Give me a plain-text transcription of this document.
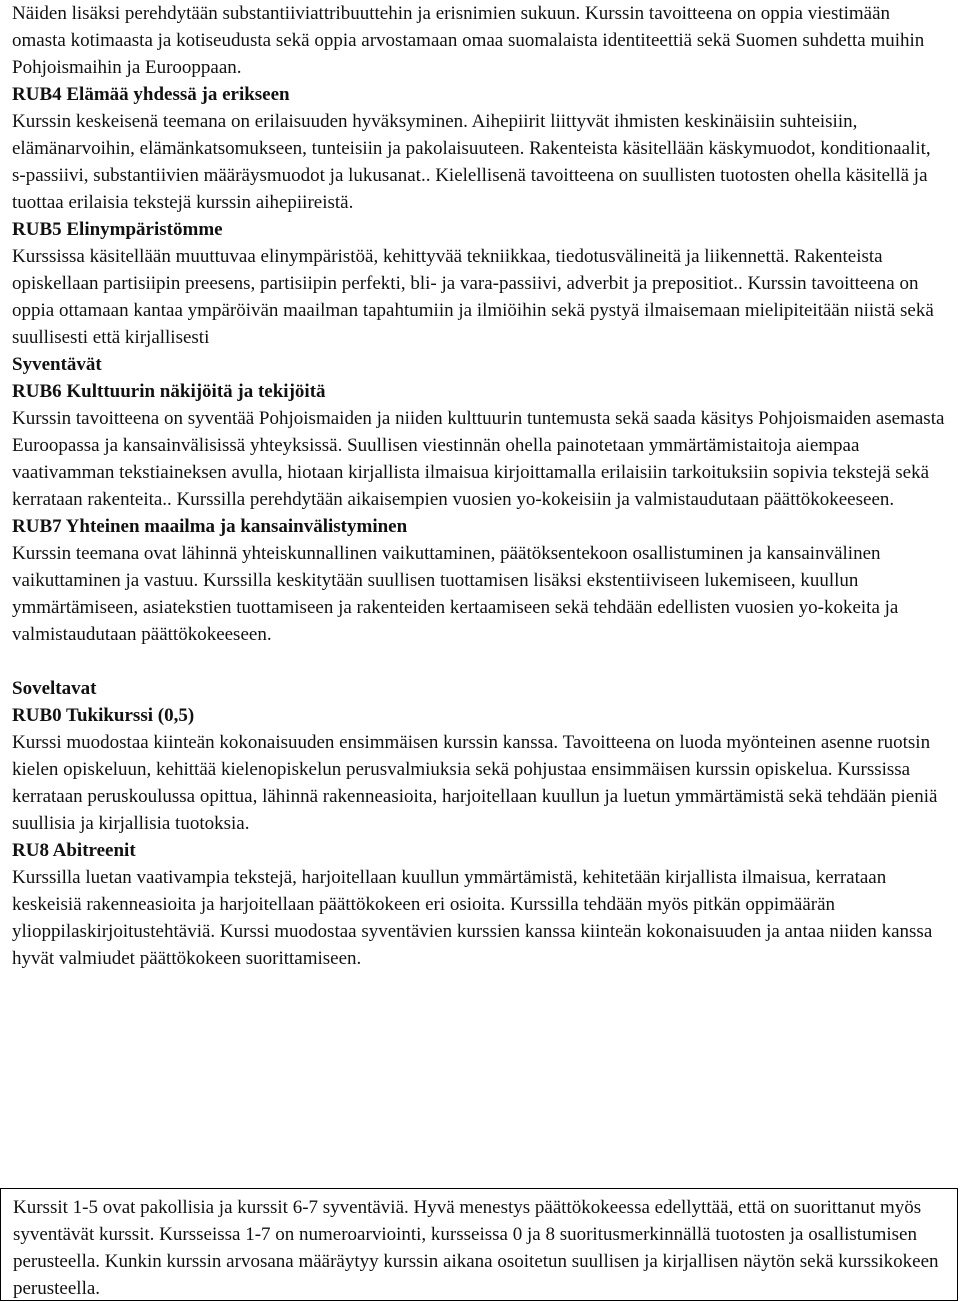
Näiden lisäksi perehdytään substantiiviattribuuttehin ja erisnimien sukuun. Kurssin tavoitteena on oppia viestimään omasta kotimaasta ja kotiseudusta sekä oppia arvostamaan omaa suomalaista identiteettiä sekä Suomen suhdetta muihin Pohjoismaihin ja Eurooppaan.

RUB4 Elämää yhdessä ja erikseen

Kurssin keskeisenä teemana on erilaisuuden hyväksyminen. Aihepiirit liittyvät ihmisten keskinäisiin suhteisiin, elämänarvoihin, elämänkatsomukseen, tunteisiin ja pakolaisuuteen. Rakenteista käsitellään käskymuodot, konditionaalit, s-passiivi, substantiivien määräysmuodot ja lukusanat.. Kielellisenä tavoitteena on suullisten tuotosten ohella käsitellä ja tuottaa erilaisia tekstejä kurssin aihepiireistä.

RUB5 Elinympäristömme

Kurssissa käsitellään muuttuvaa elinympäristöä, kehittyvää tekniikkaa, tiedotusvälineitä ja liikennettä. Rakenteista opiskellaan partisiipin preesens, partisiipin perfekti, bli- ja vara-passiivi, adverbit ja prepositiot.. Kurssin tavoitteena on oppia ottamaan kantaa ympäröivän maailman tapahtumiin ja ilmiöihin sekä pystyä ilmaisemaan mielipiteitään niistä sekä suullisesti että kirjallisesti

Syventävät

RUB6 Kulttuurin näkijöitä ja tekijöitä

Kurssin tavoitteena on syventää Pohjoismaiden ja niiden kulttuurin tuntemusta sekä saada käsitys Pohjoismaiden asemasta Euroopassa ja kansainvälisissä yhteyksissä. Suullisen viestinnän ohella painotetaan ymmärtämistaitoja aiempaa vaativamman tekstiaineksen avulla, hiotaan kirjallista ilmaisua kirjoittamalla erilaisiin tarkoituksiin sopivia tekstejä sekä kerrataan rakenteita.. Kurssilla perehdytään aikaisempien vuosien yo-kokeisiin ja valmistaudutaan päättökokeeseen.

RUB7 Yhteinen maailma ja kansainvälistyminen

Kurssin teemana ovat lähinnä yhteiskunnallinen vaikuttaminen, päätöksentekoon osallistuminen ja kansainvälinen vaikuttaminen ja vastuu. Kurssilla keskitytään suullisen tuottamisen lisäksi ekstentiiviseen lukemiseen, kuullun ymmärtämiseen, asiatekstien tuottamiseen ja rakenteiden kertaamiseen sekä tehdään edellisten vuosien yo-kokeita ja valmistaudutaan päättökokeeseen.

Soveltavat

RUB0 Tukikurssi (0,5)

Kurssi muodostaa kiinteän kokonaisuuden ensimmäisen kurssin kanssa. Tavoitteena on luoda myönteinen asenne ruotsin kielen opiskeluun, kehittää kielenopiskelun perusvalmiuksia sekä pohjustaa ensimmäisen kurssin opiskelua. Kurssissa kerrataan peruskoulussa opittua, lähinnä rakenneasioita, harjoitellaan kuullun ja luetun ymmärtämistä sekä tehdään pieniä suullisia ja kirjallisia tuotoksia.

RU8 Abitreenit

Kurssilla luetan vaativampia tekstejä, harjoitellaan kuullun ymmärtämistä, kehitetään kirjallista ilmaisua, kerrataan keskeisiä rakenneasioita ja harjoitellaan päättökokeen eri osioita. Kurssilla tehdään myös pitkän oppimäärän ylioppilaskirjoitustehtäviä. Kurssi muodostaa syventävien kurssien kanssa kiinteän kokonaisuuden ja antaa niiden kanssa hyvät valmiudet päättökokeen suorittamiseen.

Kurssit 1-5 ovat pakollisia ja kurssit 6-7 syventäviä. Hyvä menestys päättökokeessa edellyttää, että on suorittanut myös syventävät kurssit. Kursseissa 1-7 on numeroarviointi, kursseissa 0 ja 8 suoritusmerkinnällä tuotosten ja osallistumisen perusteella. Kunkin kurssin arvosana määräytyy kurssin aikana osoitetun suullisen ja kirjallisen näytön sekä kurssikokeen perusteella.
